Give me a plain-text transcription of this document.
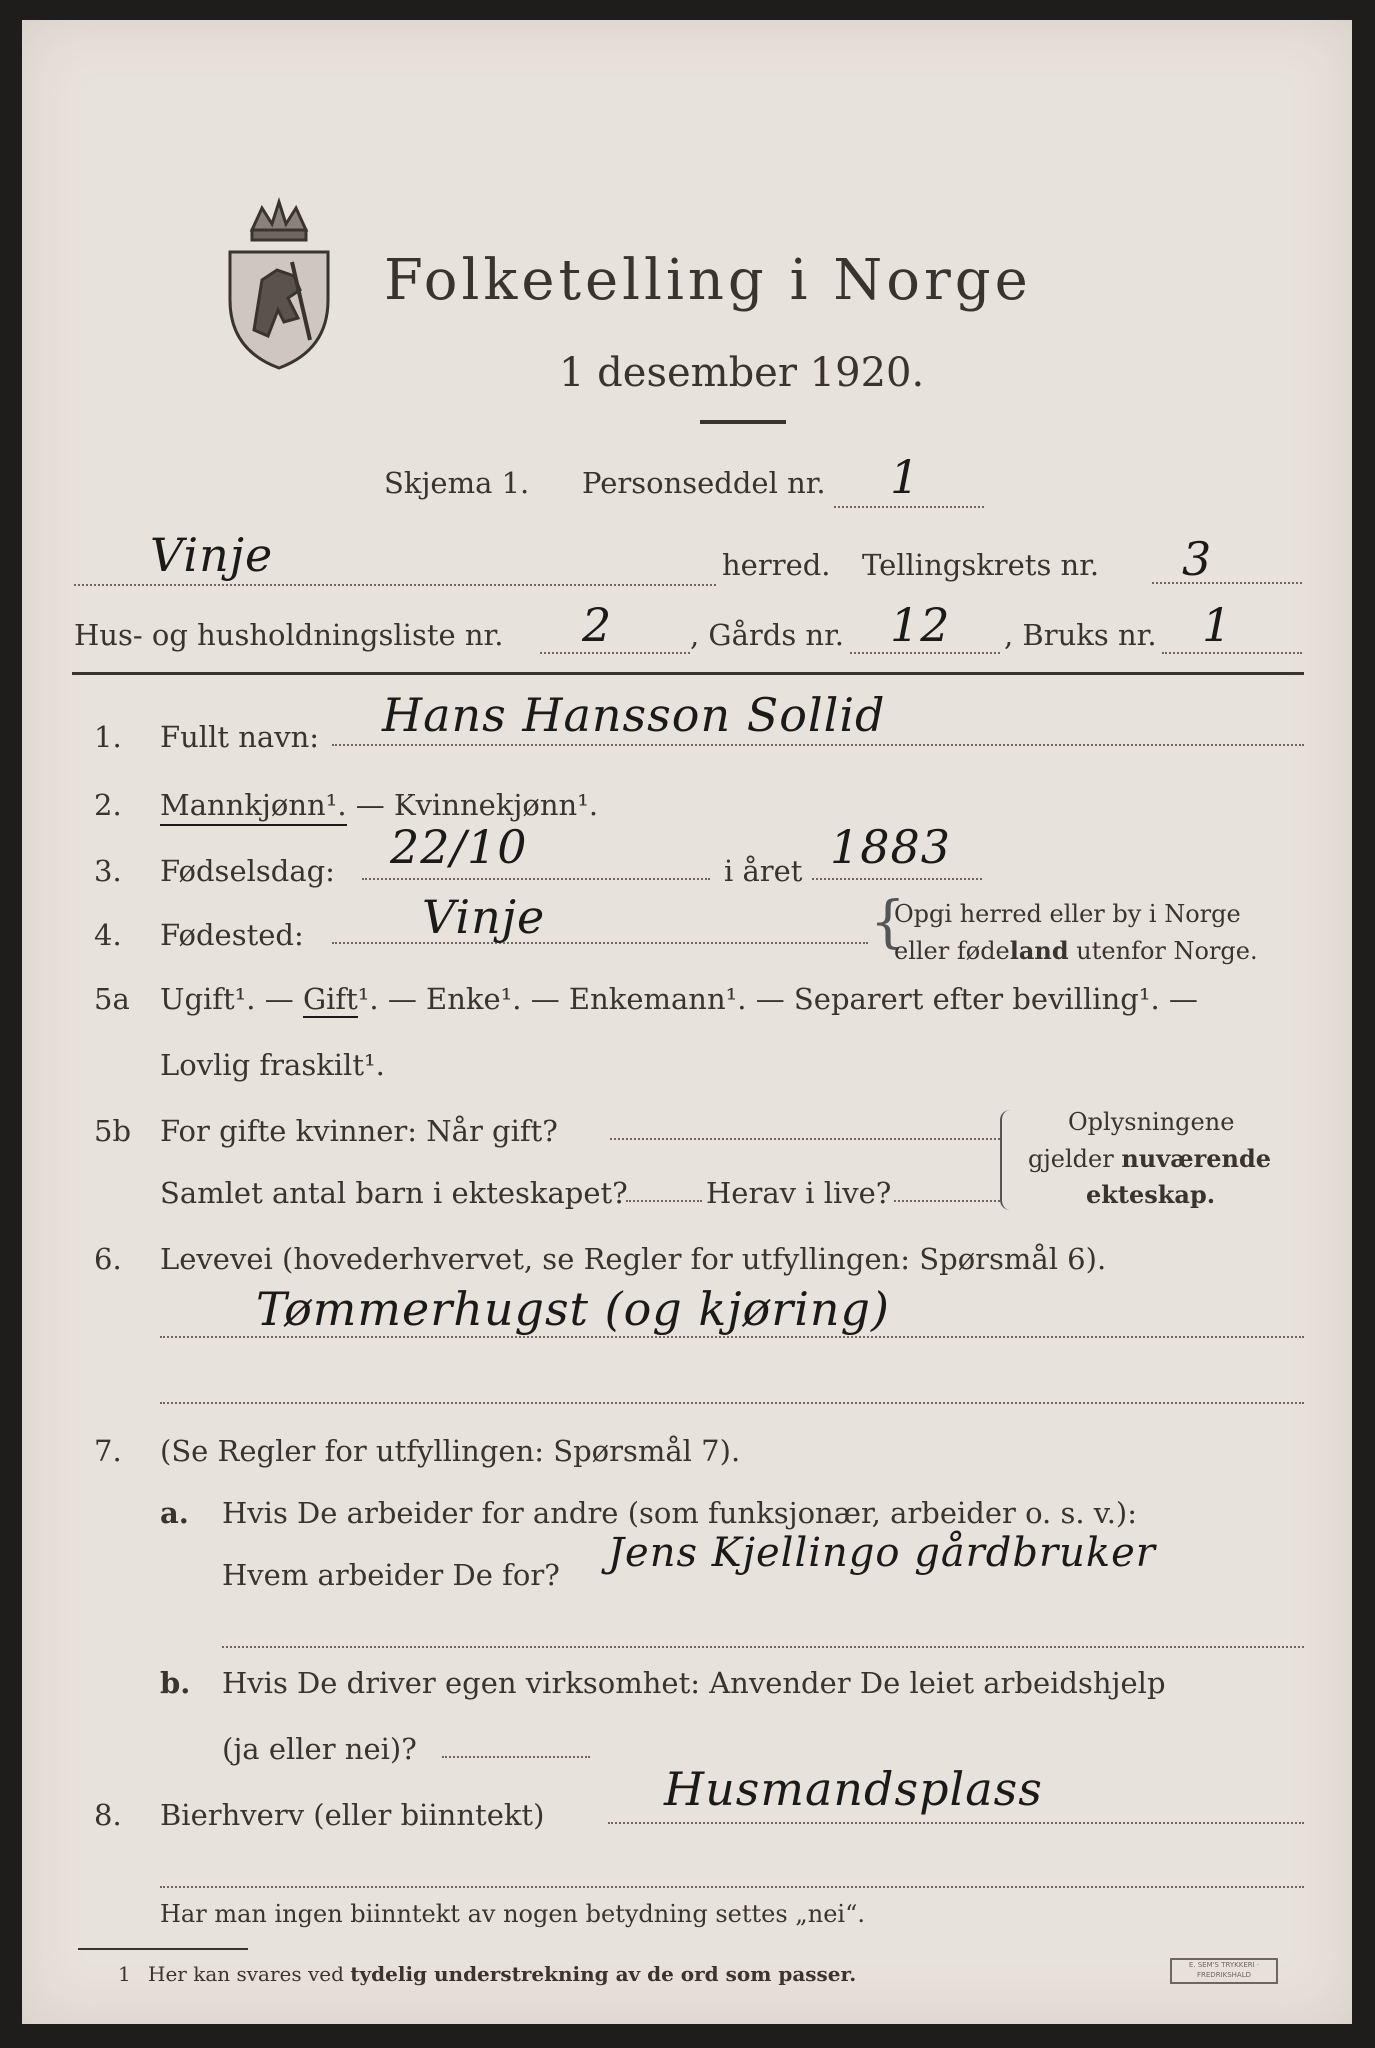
Folketelling i Norge
1 desember 1920.
Skjema 1. Personseddel nr. 1
Vinje	herred. Tellingskrets nr. 3
Hus- og husholdningsliste nr. 2	, Gårds nr. 12 , Bruks nr. 1
1. Fullt navn: Hans Hansson Sollid
2. Mannkjønn¹. — Kvinnekjønn¹.
3. Fødselsdag: 22/10	i året 1883
4. Fødested:	Vinje	{
Opgi herred eller by i Norge
eller fødeland utenfor Norge.
5a Ugift¹. — Gift¹. — Enke¹. — Enkemann¹. — Separert efter bevilling¹. —
Lovlig fraskilt¹.
5b For gifte kvinner: Når gift?
Samlet antal barn i ekteskapet?	Herav i live?
Oplysningene
gjelder nuværende
ekteskap.
6. Levevei (hovederhvervet, se Regler for utfyllingen: Spørsmål 6).
Tømmerhugst (og kjøring)
7. (Se Regler for utfyllingen: Spørsmål 7).
a. Hvis De arbeider for andre (som funksjonær, arbeider o. s. v.):
Hvem arbeider De for? Jens Kjellingo gårdbruker
b. Hvis De driver egen virksomhet: Anvender De leiet arbeidshjelp
(ja eller nei)?
8. Bierhverv (eller biinntekt)	Husmandsplass
Har man ingen biinntekt av nogen betydning settes „nei“.
1 Her kan svares ved tydelig understrekning av de ord som passer.	E. SEM'S TRYKKERI · FREDRIKSHALD
